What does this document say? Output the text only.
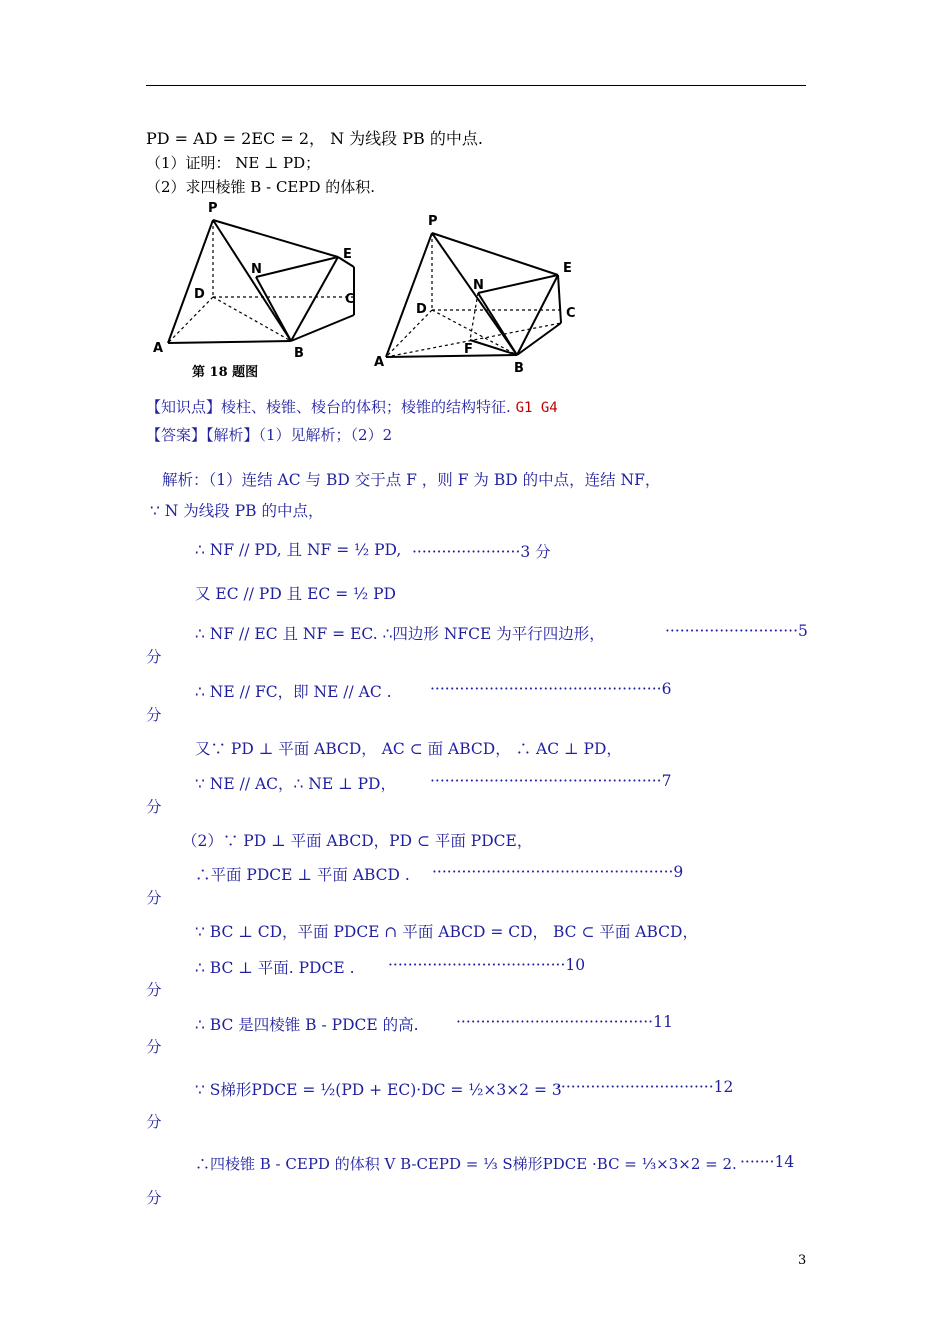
PD = AD = 2EC = 2， N 为线段 PB 的中点.
（1）证明： NE ⊥ PD；
（2）求四棱锥 B - CEPD 的体积.
P
N
E
D	C
A	B
第 18 题图
P
N
E
D	C
A
F
B
【知识点】棱柱、棱锥、棱台的体积；棱锥的结构特征. G1 G4
【答案】【解析】（1）见解析；（2）2
解析：（1）连结 AC 与 BD 交于点 F ，则 F 为 BD 的中点，连结 NF，
∵ N 为线段 PB 的中点，
∴ NF // PD, 且 NF = ½ PD, ······················3 分
又 EC // PD 且 EC = ½ PD
∴ NF // EC 且 NF = EC. ∴四边形 NFCE 为平行四边形，	···························5
分
∴ NE // FC，即 NE // AC . ···············································6
分
又∵ PD ⊥ 平面 ABCD， AC ⊂ 面 ABCD， ∴ AC ⊥ PD，
∵ NE // AC，∴ NE ⊥ PD， ···············································7
分
（2）∵ PD ⊥ 平面 ABCD，PD ⊂ 平面 PDCE，
∴平面 PDCE ⊥ 平面 ABCD . ·················································9
分
∵ BC ⊥ CD，平面 PDCE ∩ 平面 ABCD = CD， BC ⊂ 平面 ABCD，
∴ BC ⊥ 平面. PDCE . ····································10
分
∴ BC 是四棱锥 B - PDCE 的高. ········································11
分
∵ S梯形PDCE = ½(PD + EC)·DC = ½×3×2 = 3
································12
分
∴四棱锥 B - CEPD 的体积 V B-CEPD = ⅓ S梯形PDCE ·BC = ⅓×3×2 = 2. ·······14
分
3
